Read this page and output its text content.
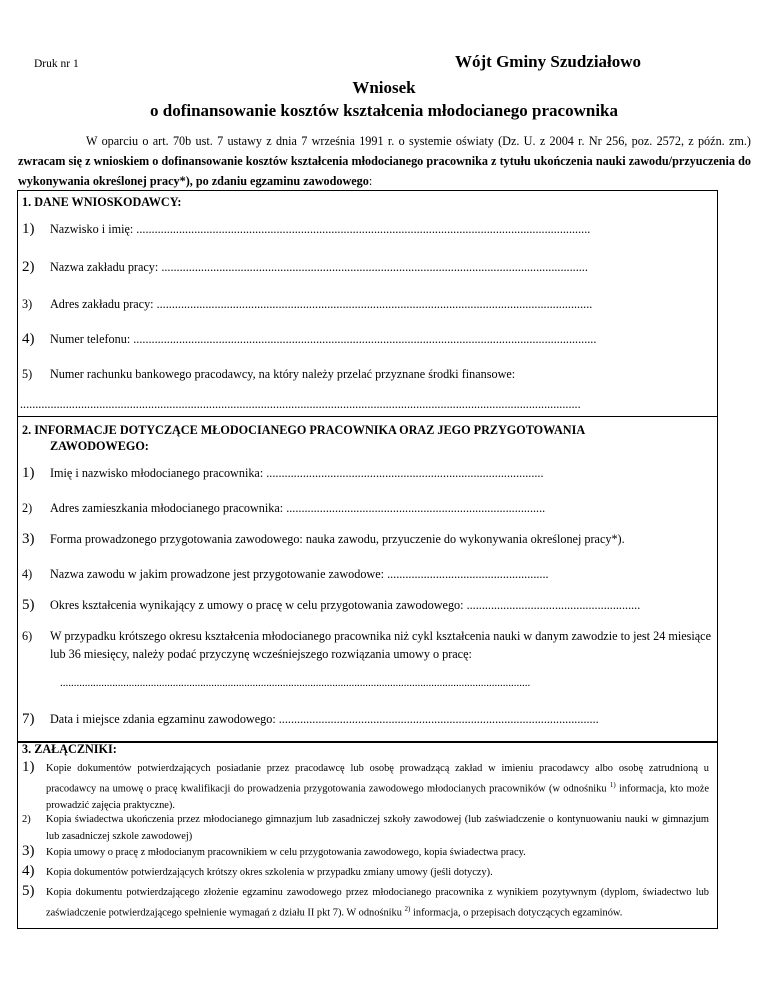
Druk nr 1	Wójt Gminy Szudziałowo
Wniosek
o dofinansowanie kosztów kształcenia młodocianego pracownika
W oparciu o art. 70b ust. 7 ustawy z dnia 7 września 1991 r. o systemie oświaty (Dz. U. z 2004 r. Nr 256, poz. 2572, z późn. zm.) zwracam się z wnioskiem o dofinansowanie kosztów kształcenia młodocianego pracownika z tytułu ukończenia nauki zawodu/przyuczenia do wykonywania określonej pracy*), po zdaniu egzaminu zawodowego:
1. DANE WNIOSKODAWCY:
1) Nazwisko i imię: .....................................................................................................................................................
2) Nazwa zakładu pracy: ............................................................................................................................................
3) Adres zakładu pracy: ...............................................................................................................................................
4) Numer telefonu: ........................................................................................................................................................
5) Numer rachunku bankowego pracodawcy, na który należy przelać przyznane środki finansowe:
........................................................................................................................................................................................
2. INFORMACJE DOTYCZĄCE MŁODOCIANEGO PRACOWNIKA ORAZ JEGO PRZYGOTOWANIA
ZAWODOWEGO:
1) Imię i nazwisko młodocianego pracownika: ...........................................................................................
2) Adres zamieszkania młodocianego pracownika: .....................................................................................
3) Forma prowadzonego przygotowania zawodowego: nauka zawodu, przyuczenie do wykonywania określonej pracy*).
4) Nazwa zawodu w jakim prowadzone jest przygotowanie zawodowe: .....................................................
5) Okres kształcenia wynikający z umowy o pracę w celu przygotowania zawodowego: .........................................................
6) W przypadku krótszego okresu kształcenia młodocianego pracownika niż cykl kształcenia nauki w danym zawodzie to jest 24 miesiące lub 36 miesięcy, należy podać przyczynę wcześniejszego rozwiązania umowy o pracę:
...........................................................................................................................................................................
7) Data i miejsce zdania egzaminu zawodowego: .........................................................................................................
3. ZAŁĄCZNIKI:
1) Kopie dokumentów potwierdzających posiadanie przez pracodawcę lub osobę prowadzącą zakład w imieniu pracodawcy albo osobę zatrudnioną u pracodawcy na umowę o pracę kwalifikacji do prowadzenia przygotowania zawodowego młodocianych pracowników (w odnośniku $^{1)}$ informacja, kto może prowadzić zajęcia praktyczne).
2) Kopia świadectwa ukończenia przez młodocianego gimnazjum lub zasadniczej szkoły zawodowej (lub zaświadczenie o kontynuowaniu nauki w gimnazjum lub zasadniczej szkole zawodowej)
3) Kopia umowy o pracę z młodocianym pracownikiem w celu przygotowania zawodowego, kopia świadectwa pracy.
4) Kopia dokumentów potwierdzających krótszy okres szkolenia w przypadku zmiany umowy (jeśli dotyczy).
5) Kopia dokumentu potwierdzającego złożenie egzaminu zawodowego przez młodocianego pracownika z wynikiem pozytywnym (dyplom, świadectwo lub zaświadczenie potwierdzającego spełnienie wymagań z działu II pkt 7). W odnośniku $^{2)}$ informacja, o przepisach dotyczących egzaminów.
